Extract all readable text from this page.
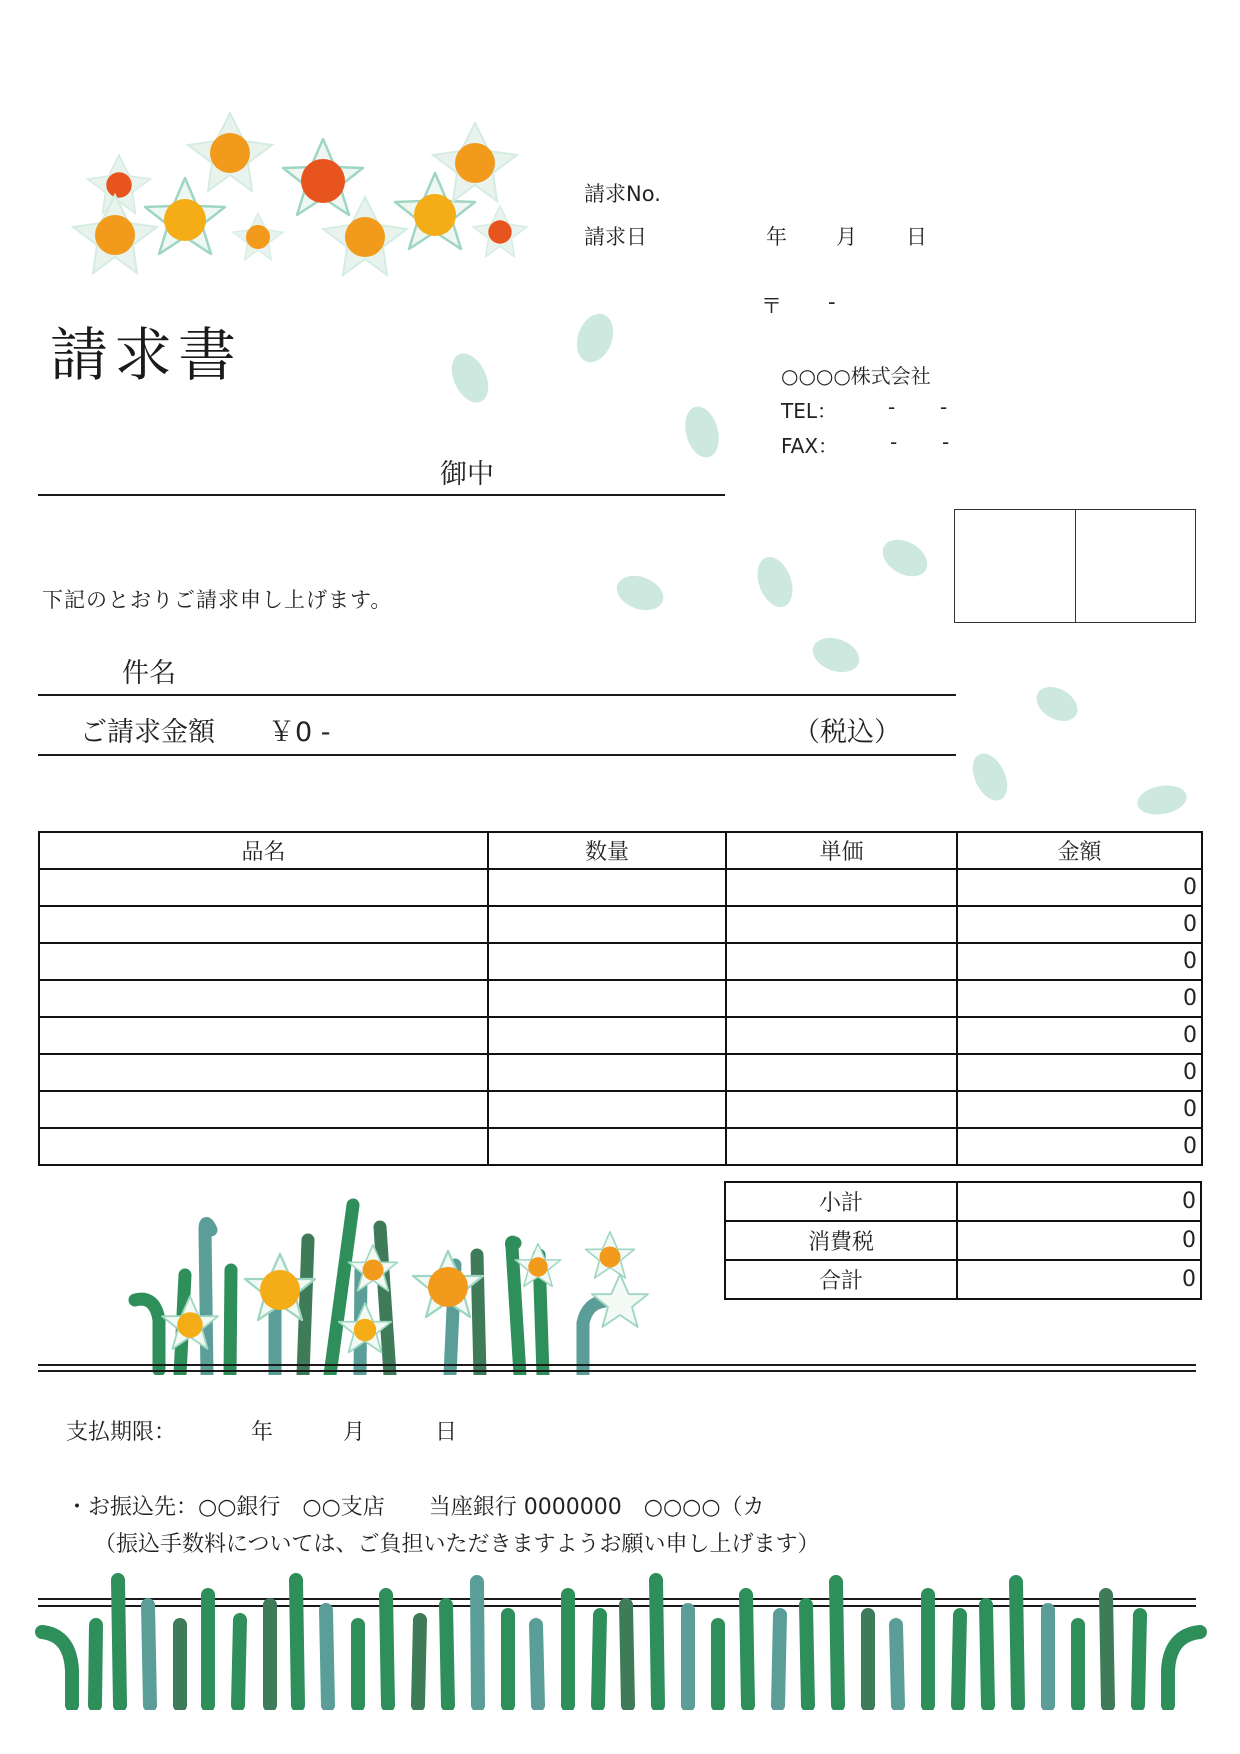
請求書
請求No.
請求日	年 月 日
〒 -
○○○○株式会社
TEL：	- -
FAX：	- -
御中
下記のとおりご請求申し上げます。
件名
ご請求金額 ￥0 -	（税込）
品名	数量	単価	金額
			0
			0
			0
			0
			0
			0
			0
			0
小計	0
消費税	0
合計	0
支払期限：	年	月	日
・お振込先：○○銀行　○○支店　　当座銀行 0000000　○○○○（カ
（振込手数料については、ご負担いただきますようお願い申し上げます）
